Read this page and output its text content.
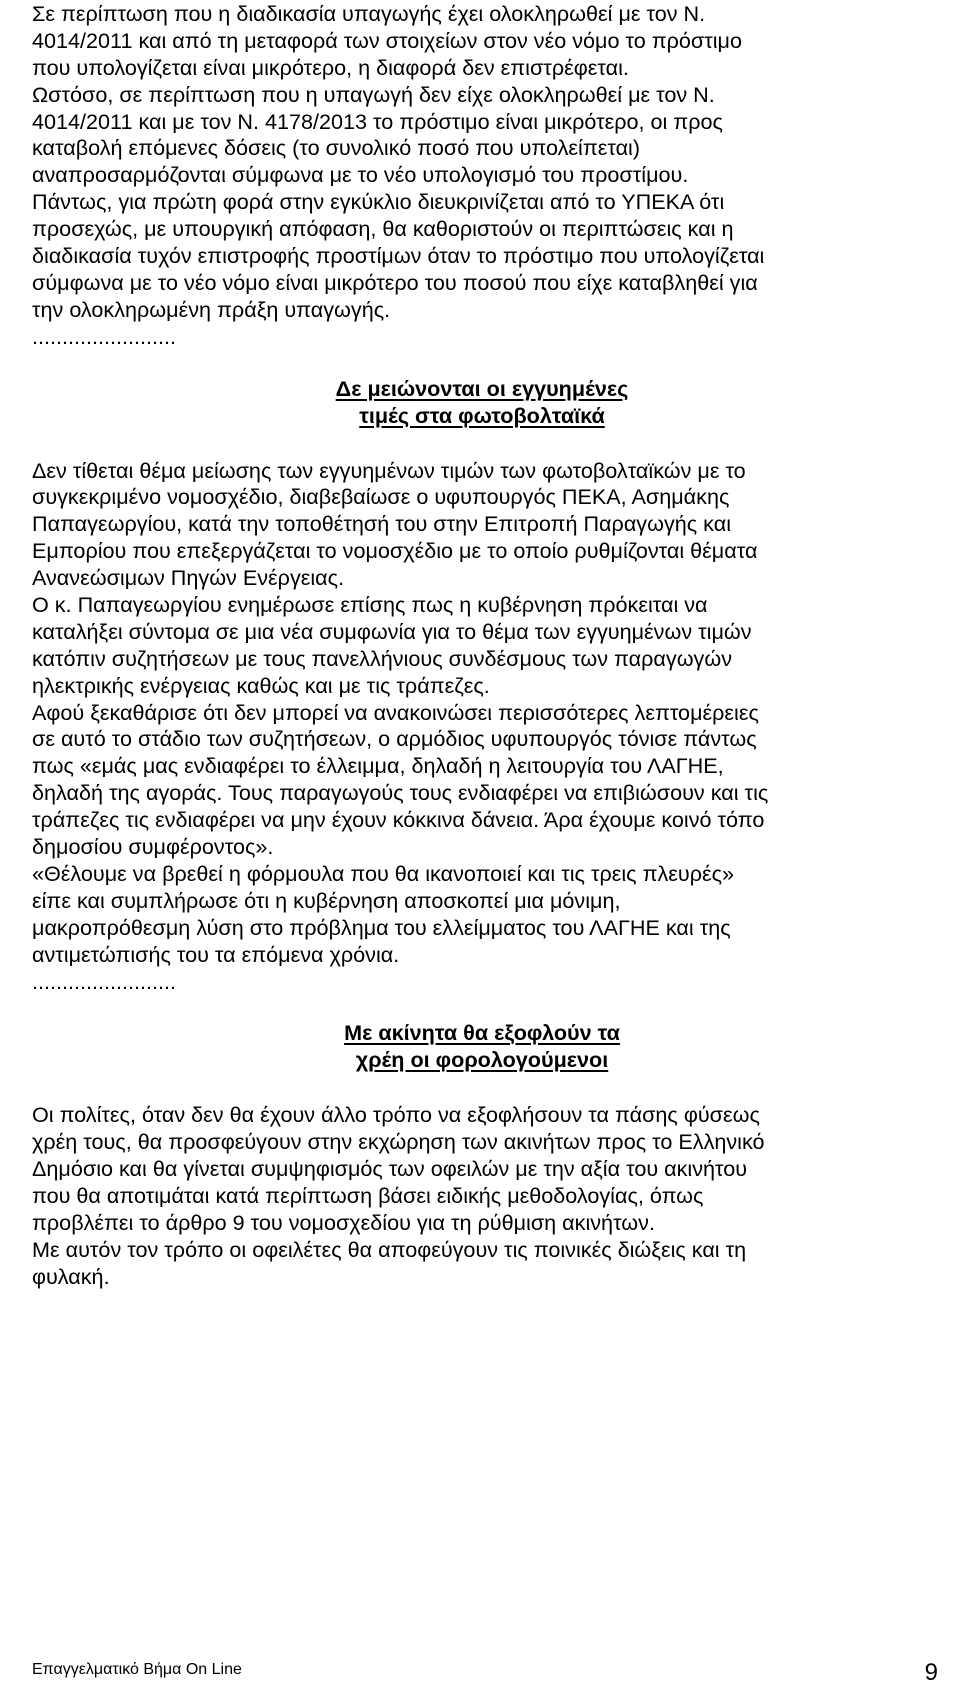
Σε περίπτωση που η διαδικασία υπαγωγής έχει ολοκληρωθεί με τον Ν.
4014/2011 και από τη μεταφορά των στοιχείων στον νέο νόμο το πρόστιμο
που υπολογίζεται είναι μικρότερο, η διαφορά δεν επιστρέφεται.
Ωστόσο, σε περίπτωση που η υπαγωγή δεν είχε ολοκληρωθεί με τον Ν.
4014/2011 και με τον Ν. 4178/2013 το πρόστιμο είναι μικρότερο, οι προς
καταβολή επόμενες δόσεις (το συνολικό ποσό που υπολείπεται)
αναπροσαρμόζονται σύμφωνα με το νέο υπολογισμό του προστίμου.
Πάντως, για πρώτη φορά στην εγκύκλιο διευκρινίζεται από το ΥΠΕΚΑ ότι
προσεχώς, με υπουργική απόφαση, θα καθοριστούν οι περιπτώσεις και η
διαδικασία τυχόν επιστροφής προστίμων όταν το πρόστιμο που υπολογίζεται
σύμφωνα με το νέο νόμο είναι μικρότερο του ποσού που είχε καταβληθεί για
την ολοκληρωμένη πράξη υπαγωγής.
........................
Δε μειώνονται οι εγγυημένες
τιμές στα φωτοβολταϊκά
Δεν τίθεται θέμα μείωσης των εγγυημένων τιμών των φωτοβολταϊκών με το
συγκεκριμένο νομοσχέδιο, διαβεβαίωσε ο υφυπουργός ΠΕΚΑ, Ασημάκης
Παπαγεωργίου, κατά την τοποθέτησή του στην Επιτροπή Παραγωγής και
Εμπορίου που επεξεργάζεται το νομοσχέδιο με το οποίο ρυθμίζονται θέματα
Ανανεώσιμων Πηγών Ενέργειας.
Ο κ. Παπαγεωργίου ενημέρωσε επίσης πως η κυβέρνηση πρόκειται να
καταλήξει σύντομα σε μια νέα συμφωνία για το θέμα των εγγυημένων τιμών
κατόπιν συζητήσεων με τους πανελλήνιους συνδέσμους των παραγωγών
ηλεκτρικής ενέργειας καθώς και με τις τράπεζες.
Αφού ξεκαθάρισε ότι δεν μπορεί να ανακοινώσει περισσότερες λεπτομέρειες
σε αυτό το στάδιο των συζητήσεων, ο αρμόδιος υφυπουργός τόνισε πάντως
πως «εμάς μας ενδιαφέρει το έλλειμμα, δηλαδή η λειτουργία του ΛΑΓΗΕ,
δηλαδή της αγοράς. Τους παραγωγούς τους ενδιαφέρει να επιβιώσουν και τις
τράπεζες τις ενδιαφέρει να μην έχουν κόκκινα δάνεια. Άρα έχουμε κοινό τόπο
δημοσίου συμφέροντος».
«Θέλουμε να βρεθεί η φόρμουλα που θα ικανοποιεί και τις τρεις πλευρές»
είπε και συμπλήρωσε ότι η κυβέρνηση αποσκοπεί μια μόνιμη,
μακροπρόθεσμη λύση στο πρόβλημα του ελλείμματος του ΛΑΓΗΕ και της
αντιμετώπισής του τα επόμενα χρόνια.
........................
Με ακίνητα θα εξοφλούν τα
χρέη οι φορολογούμενοι
Οι πολίτες, όταν δεν θα έχουν άλλο τρόπο να εξοφλήσουν τα πάσης φύσεως
χρέη τους, θα προσφεύγουν στην εκχώρηση των ακινήτων προς το Ελληνικό
Δημόσιο και θα γίνεται συμψηφισμός των οφειλών με την αξία του ακινήτου
που θα αποτιμάται κατά περίπτωση βάσει ειδικής μεθοδολογίας, όπως
προβλέπει το άρθρο 9 του νομοσχεδίου για τη ρύθμιση ακινήτων.
Με αυτόν τον τρόπο οι οφειλέτες θα αποφεύγουν τις ποινικές διώξεις και τη
φυλακή.
Επαγγελματικό Βήμα On Line	9
